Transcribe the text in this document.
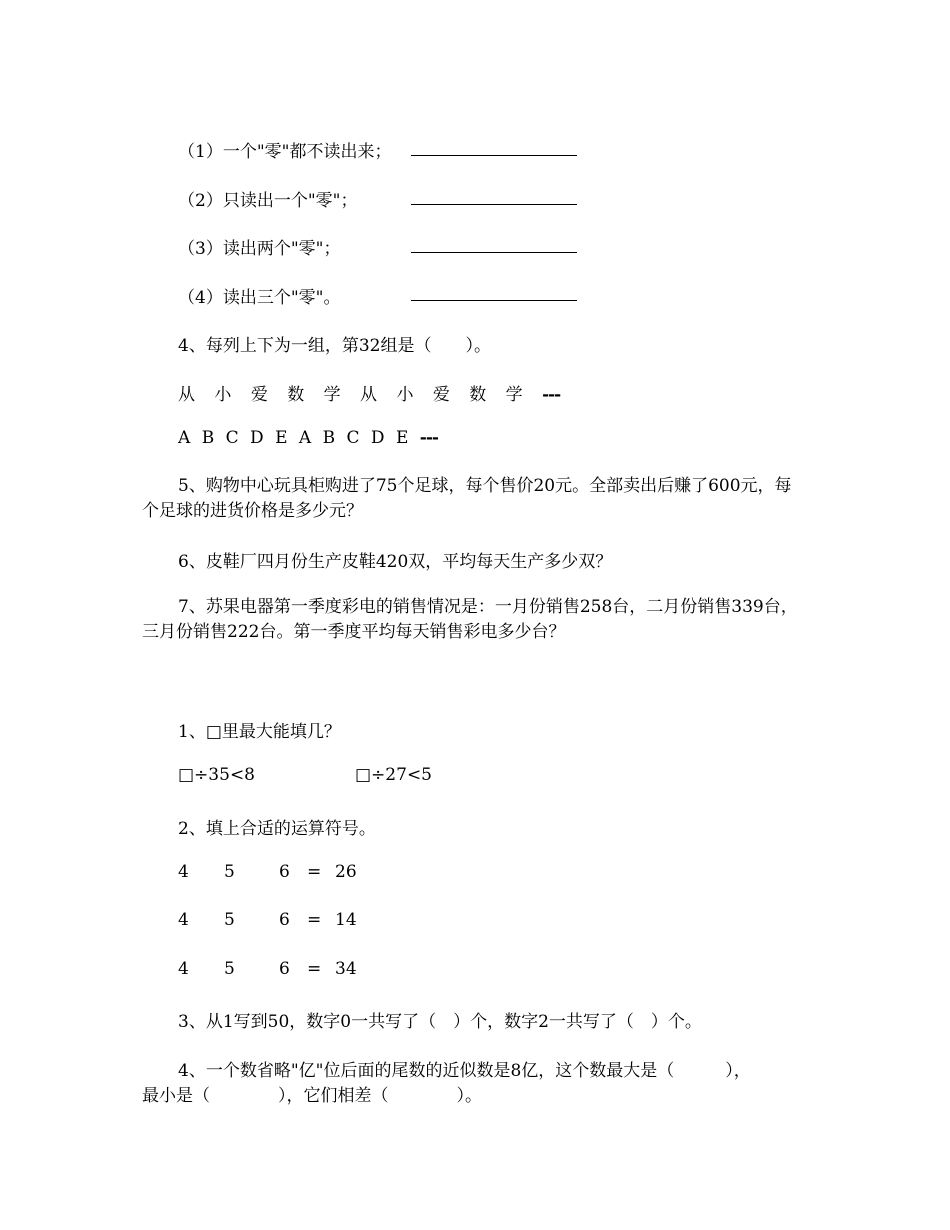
（1）一个"零"都不读出来；
（2）只读出一个"零"；
（3）读出两个"零"；
（4）读出三个"零"。
4、每列上下为一组，第32组是（　　）。
从 小 爱 数 学 从 小 爱 数 学 ---
A B C D E A B C D E ---
5、购物中心玩具柜购进了75个足球，每个售价20元。全部卖出后赚了600元，每个足球的进货价格是多少元？
6、皮鞋厂四月份生产皮鞋420双，平均每天生产多少双？
7、苏果电器第一季度彩电的销售情况是：一月份销售258台，二月份销售339台，三月份销售222台。第一季度平均每天销售彩电多少台？
1、□里最大能填几？
□÷35<8	□÷27<5
2、填上合适的运算符号。
4 5	6 = 26
4 5	6 = 14
4 5	6 = 34
3、从1写到50，数字0一共写了（　）个，数字2一共写了（　）个。
4、一个数省略"亿"位后面的尾数的近似数是8亿，这个数最大是（　　　），
最小是（　　　　），它们相差（　　　　）。
